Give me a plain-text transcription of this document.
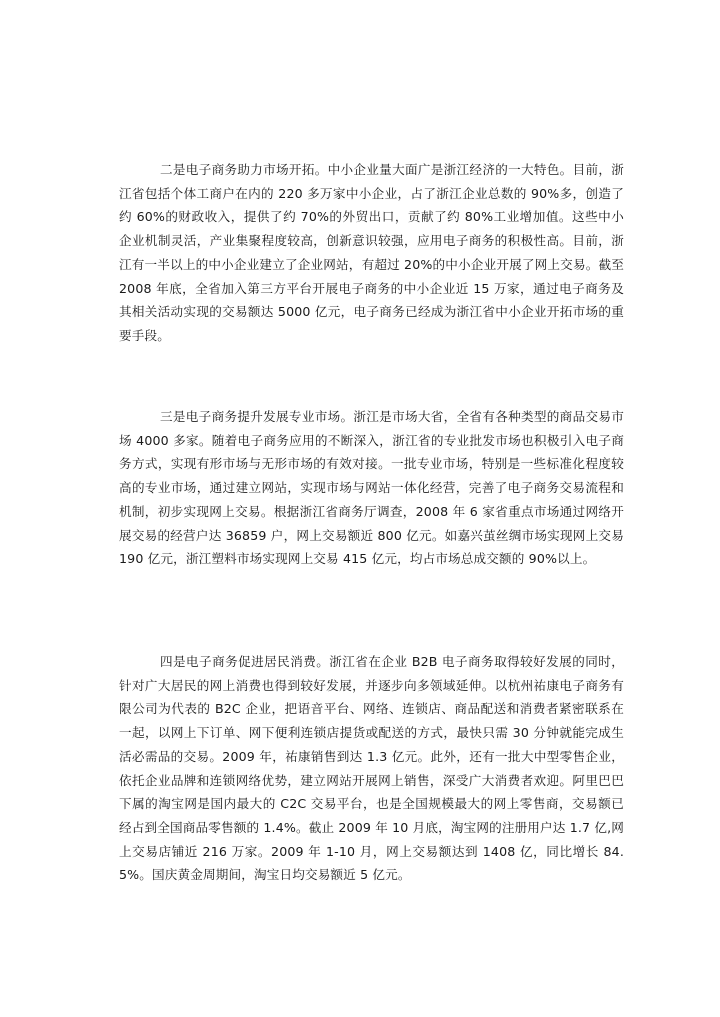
二是电子商务助力市场开拓。中小企业量大面广是浙江经济的一大特色。目前，浙江省包括个体工商户在内的 220 多万家中小企业，占了浙江企业总数的 90%多，创造了约 60%的财政收入，提供了约 70%的外贸出口，贡献了约 80%工业增加值。这些中小企业机制灵活，产业集聚程度较高，创新意识较强，应用电子商务的积极性高。目前，浙江有一半以上的中小企业建立了企业网站，有超过 20%的中小企业开展了网上交易。截至 2008 年底，全省加入第三方平台开展电子商务的中小企业近 15 万家，通过电子商务及其相关活动实现的交易额达 5000 亿元，电子商务已经成为浙江省中小企业开拓市场的重要手段。

三是电子商务提升发展专业市场。浙江是市场大省，全省有各种类型的商品交易市场 4000 多家。随着电子商务应用的不断深入，浙江省的专业批发市场也积极引入电子商务方式，实现有形市场与无形市场的有效对接。一批专业市场，特别是一些标准化程度较高的专业市场，通过建立网站，实现市场与网站一体化经营，完善了电子商务交易流程和机制，初步实现网上交易。根据浙江省商务厅调查，2008 年 6 家省重点市场通过网络开展交易的经营户达 36859 户，网上交易额近 800 亿元。如嘉兴茧丝绸市场实现网上交易 190 亿元，浙江塑料市场实现网上交易 415 亿元，均占市场总成交额的 90%以上。

四是电子商务促进居民消费。浙江省在企业 B2B 电子商务取得较好发展的同时，针对广大居民的网上消费也得到较好发展，并逐步向多领域延伸。以杭州祐康电子商务有限公司为代表的 B2C 企业，把语音平台、网络、连锁店、商品配送和消费者紧密联系在一起，以网上下订单、网下便利连锁店提货或配送的方式，最快只需 30 分钟就能完成生活必需品的交易。2009 年，祐康销售到达 1.3 亿元。此外，还有一批大中型零售企业，依托企业品牌和连锁网络优势，建立网站开展网上销售，深受广大消费者欢迎。阿里巴巴下属的淘宝网是国内最大的 C2C 交易平台，也是全国规模最大的网上零售商，交易额已经占到全国商品零售额的 1.4%。截止 2009 年 10 月底，淘宝网的注册用户达 1.7 亿,网上交易店铺近 216 万家。2009 年 1-10 月，网上交易额达到 1408 亿，同比增长 84.5%。国庆黄金周期间，淘宝日均交易额近 5 亿元。
